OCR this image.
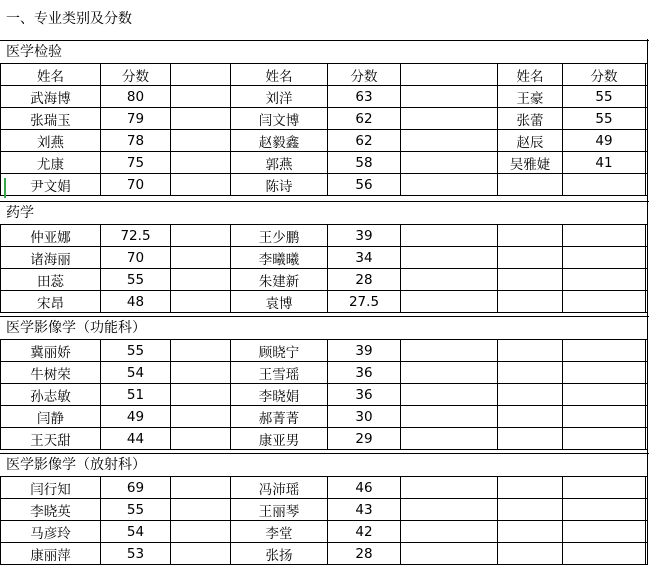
一、专业类别及分数
医学检验
姓名	分数		姓名	分数		姓名	分数	
武海博	80		刘洋	63		王豪	55	
张瑞玉	79		闫文博	62		张蕾	55	
刘燕	78		赵毅鑫	62		赵辰	49	
尤康	75		郭燕	58		吴雅婕	41	
尹文娟	70		陈诗	56				
药学
仲亚娜	72.5		王少鹏	39				
诸海丽	70		李曦曦	34				
田蕊	55		朱建新	28				
宋昂	48		袁博	27.5				
医学影像学（功能科）
冀丽娇	55		顾晓宁	39				
牛树荣	54		王雪瑶	36				
孙志敏	51		李晓娟	36				
闫静	49		郝菁菁	30				
王天甜	44		康亚男	29				
医学影像学（放射科）
闫行知	69		冯沛瑶	46				
李晓英	55		王丽琴	43				
马彦玲	54		李堂	42				
康丽萍	53		张扬	28				
